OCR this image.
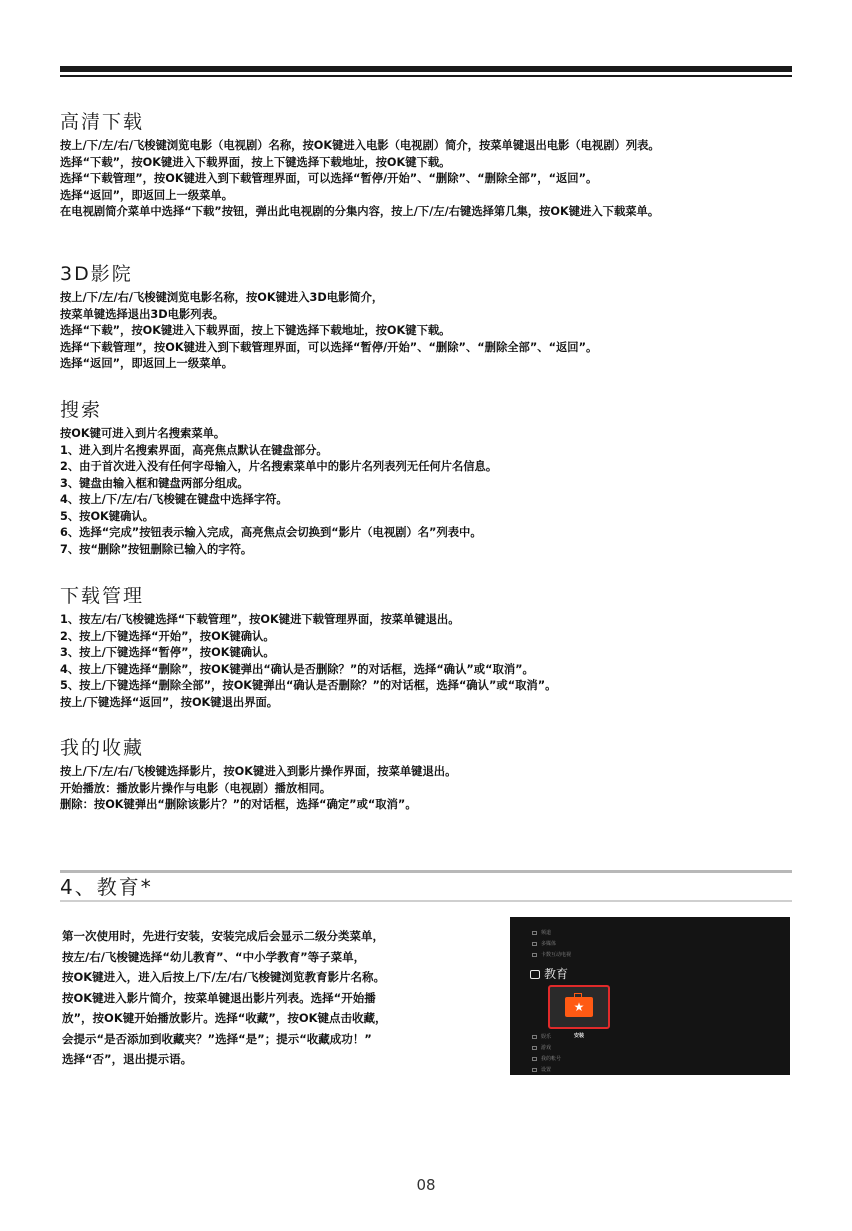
高清下载

按上/下/左/右/飞梭键浏览电影（电视剧）名称，按OK键进入电影（电视剧）简介，按菜单键退出电影（电视剧）列表。

选择“下载”，按OK键进入下载界面，按上下键选择下载地址，按OK键下载。

选择“下载管理”，按OK键进入到下载管理界面，可以选择“暂停/开始”、“删除”、“删除全部”，“返回”。

选择“返回”，即返回上一级菜单。

在电视剧简介菜单中选择“下载”按钮，弹出此电视剧的分集内容，按上/下/左/右键选择第几集，按OK键进入下载菜单。

3D影院

按上/下/左/右/飞梭键浏览电影名称，按OK键进入3D电影简介，

按菜单键选择退出3D电影列表。

选择“下载”，按OK键进入下载界面，按上下键选择下载地址，按OK键下载。

选择“下载管理”，按OK键进入到下载管理界面，可以选择“暂停/开始”、“删除”、“删除全部”、“返回”。

选择“返回”，即返回上一级菜单。

搜索

按OK键可进入到片名搜索菜单。

1、进入到片名搜索界面，高亮焦点默认在键盘部分。

2、由于首次进入没有任何字母输入，片名搜索菜单中的影片名列表列无任何片名信息。

3、键盘由输入框和键盘两部分组成。

4、按上/下/左/右/飞梭键在键盘中选择字符。

5、按OK键确认。

6、选择“完成”按钮表示输入完成，高亮焦点会切换到“影片（电视剧）名”列表中。

7、按“删除”按钮删除已输入的字符。

下载管理

1、按左/右/飞梭键选择“下载管理”，按OK键进下载管理界面，按菜单键退出。

2、按上/下键选择“开始”，按OK键确认。

3、按上/下键选择“暂停”，按OK键确认。

4、按上/下键选择“删除”，按OK键弹出“确认是否删除？”的对话框，选择“确认”或“取消”。

5、按上/下键选择“删除全部”，按OK键弹出“确认是否删除？”的对话框，选择“确认”或“取消”。

按上/下键选择“返回”，按OK键退出界面。

我的收藏

按上/下/左/右/飞梭键选择影片，按OK键进入到影片操作界面，按菜单键退出。

开始播放：播放影片操作与电影（电视剧）播放相同。

删除：按OK键弹出“删除该影片？”的对话框，选择“确定”或“取消”。

4、教育*

第一次使用时，先进行安装，安装完成后会显示二级分类菜单，

按左/右/飞梭键选择“幼儿教育”、“中小学教育”等子菜单，

按OK键进入，进入后按上/下/左/右/飞梭键浏览教育影片名称。

按OK键进入影片简介，按菜单键退出影片列表。选择“开始播

放”，按OK键开始播放影片。选择“收藏”，按OK键点击收藏，

会提示“是否添加到收藏夹？”选择“是”；提示“收藏成功！”

选择“否”，退出提示语。

频道
多媒体
卡数互动电视
教育
★
安装
娱乐
游戏
我的帐号
设置
08
